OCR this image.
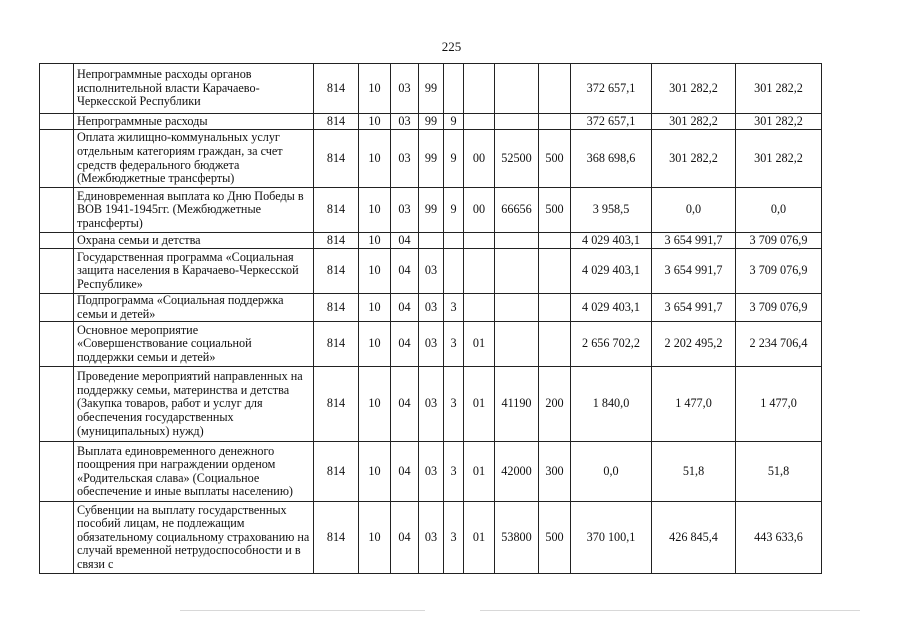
225
	Непрограммные расходы органов исполнительной власти Карачаево-Черкесской Республики	814	10	03	99					372 657,1	301 282,2	301 282,2
	Непрограммные расходы	814	10	03	99	9				372 657,1	301 282,2	301 282,2
	Оплата жилищно-коммунальных услуг отдельным категориям граждан, за счет средств федерального бюджета (Межбюджетные трансферты)	814	10	03	99	9	00	52500	500	368 698,6	301 282,2	301 282,2
	Единовременная выплата ко Дню Победы в ВОВ 1941-1945гг. (Межбюджетные трансферты)	814	10	03	99	9	00	66656	500	3 958,5	0,0	0,0
	Охрана семьи и детства	814	10	04						4 029 403,1	3 654 991,7	3 709 076,9
	Государственная программа «Социальная защита населения в Карачаево-Черкесской Республике»	814	10	04	03					4 029 403,1	3 654 991,7	3 709 076,9
	Подпрограмма «Социальная поддержка семьи и детей»	814	10	04	03	3				4 029 403,1	3 654 991,7	3 709 076,9
	Основное мероприятие «Совершенствование социальной поддержки семьи и детей»	814	10	04	03	3	01			2 656 702,2	2 202 495,2	2 234 706,4
	Проведение мероприятий направленных на поддержку семьи, материнства и детства (Закупка товаров, работ и услуг для обеспечения государственных (муниципальных) нужд)	814	10	04	03	3	01	41190	200	1 840,0	1 477,0	1 477,0
	Выплата единовременного денежного поощрения при награждении орденом «Родительская слава» (Социальное обеспечение и иные выплаты населению)	814	10	04	03	3	01	42000	300	0,0	51,8	51,8
	Субвенции на выплату государственных пособий лицам, не подлежащим обязательному социальному страхованию на случай временной нетрудоспособности и в связи с	814	10	04	03	3	01	53800	500	370 100,1	426 845,4	443 633,6
